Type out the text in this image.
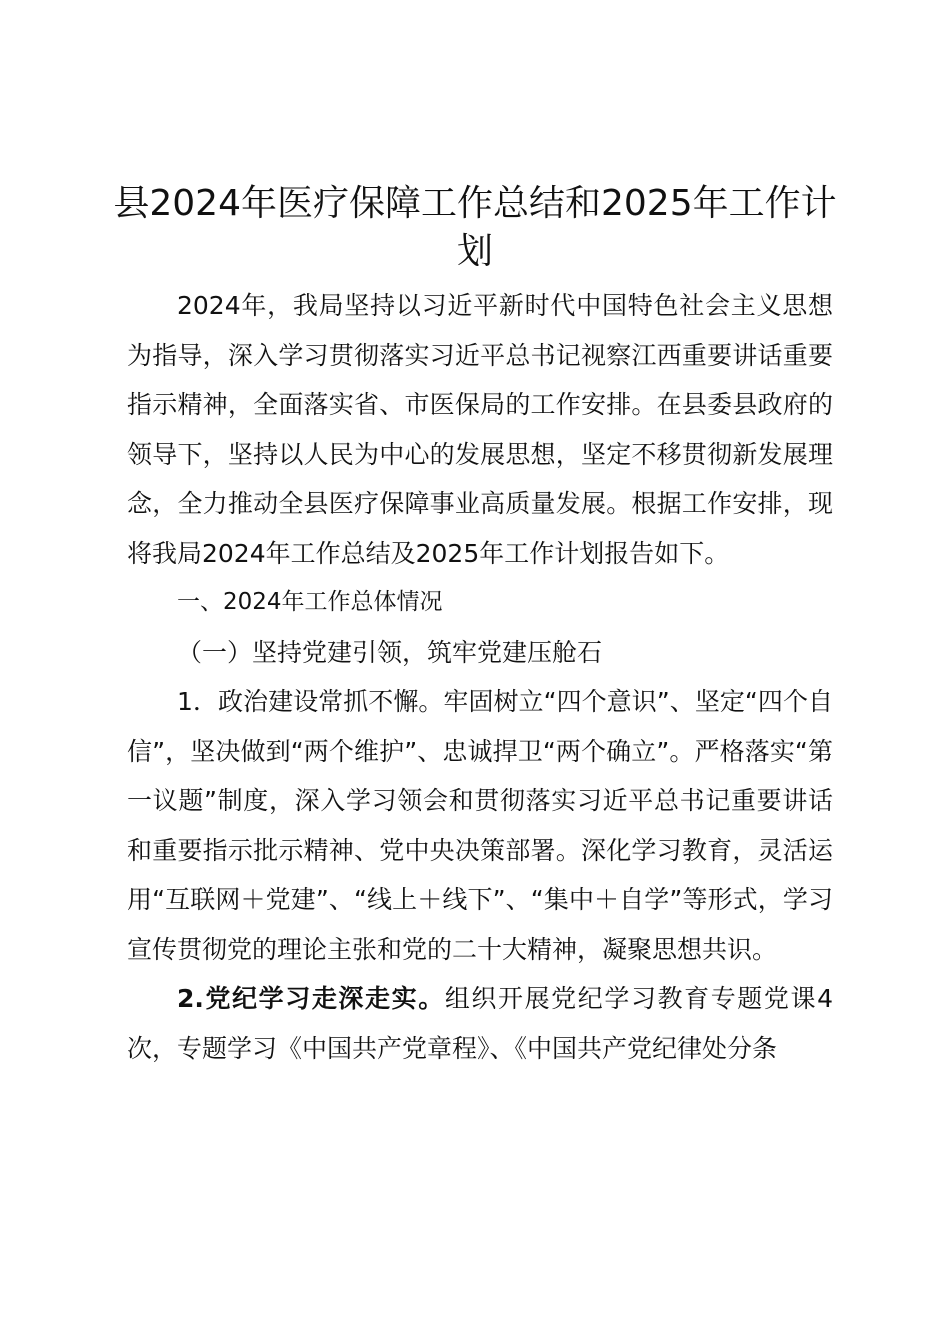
县2024年医疗保障工作总结和2025年工作计划

2024年，我局坚持以习近平新时代中国特色社会主义思想为指导，深入学习贯彻落实习近平总书记视察江西重要讲话重要指示精神，全面落实省、市医保局的工作安排。在县委县政府的领导下，坚持以人民为中心的发展思想，坚定不移贯彻新发展理念，全力推动全县医疗保障事业高质量发展。根据工作安排，现将我局2024年工作总结及2025年工作计划报告如下。

一、2024年工作总体情况

（一）坚持党建引领，筑牢党建压舱石

1．政治建设常抓不懈。牢固树立“四个意识”、坚定“四个自信”，坚决做到“两个维护”、忠诚捍卫“两个确立”。严格落实“第一议题”制度，深入学习领会和贯彻落实习近平总书记重要讲话和重要指示批示精神、党中央决策部署。深化学习教育，灵活运用“互联网＋党建”、“线上＋线下”、“集中＋自学”等形式，学习宣传贯彻党的理论主张和党的二十大精神，凝聚思想共识。

2.党纪学习走深走实。组织开展党纪学习教育专题党课4次，专题学习《中国共产党章程》、《中国共产党纪律处分条
